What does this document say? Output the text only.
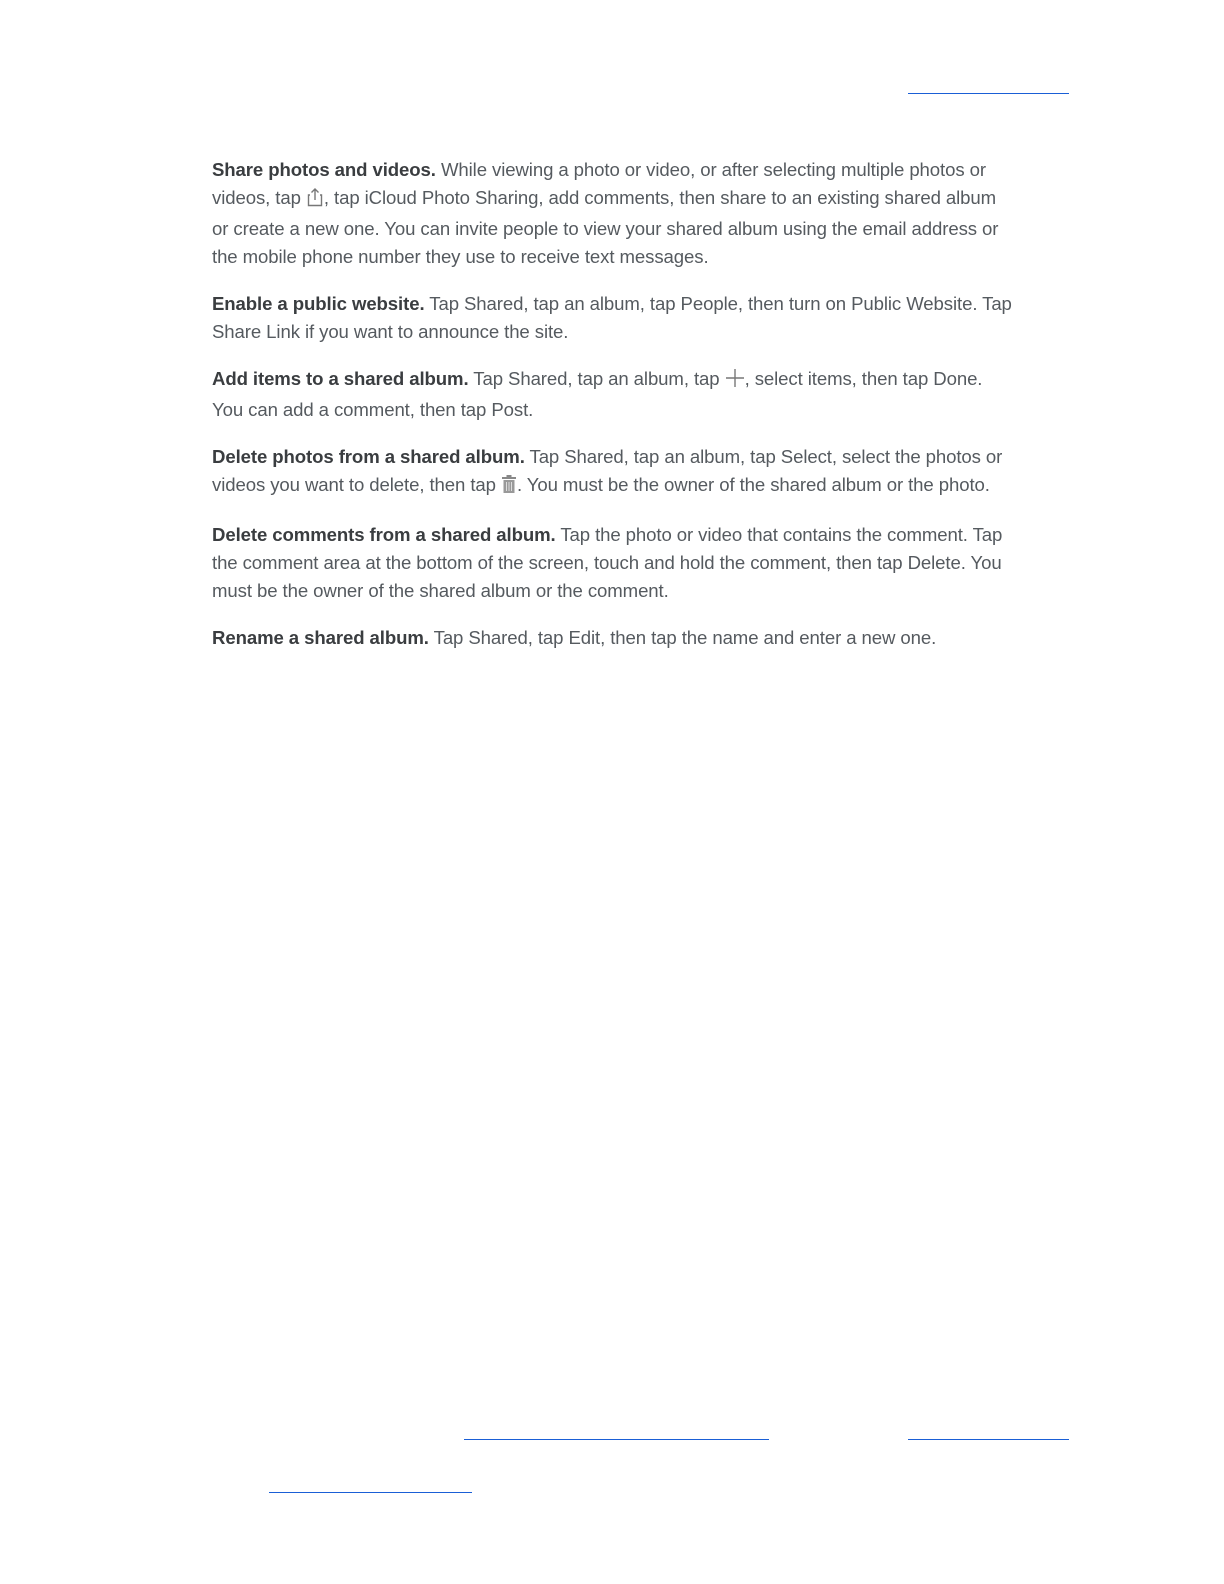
Share photos and videos. While viewing a photo or video, or after selecting multiple photos or videos, tap , tap iCloud Photo Sharing, add comments, then share to an existing shared album or create a new one. You can invite people to view your shared album using the email address or the mobile phone number they use to receive text messages.

Enable a public website. Tap Shared, tap an album, tap People, then turn on Public Website. Tap Share Link if you want to announce the site.

Add items to a shared album. Tap Shared, tap an album, tap , select items, then tap Done. You can add a comment, then tap Post.

Delete photos from a shared album. Tap Shared, tap an album, tap Select, select the photos or videos you want to delete, then tap . You must be the owner of the shared album or the photo.

Delete comments from a shared album. Tap the photo or video that contains the comment. Tap the comment area at the bottom of the screen, touch and hold the comment, then tap Delete. You must be the owner of the shared album or the comment.

Rename a shared album. Tap Shared, tap Edit, then tap the name and enter a new one.
